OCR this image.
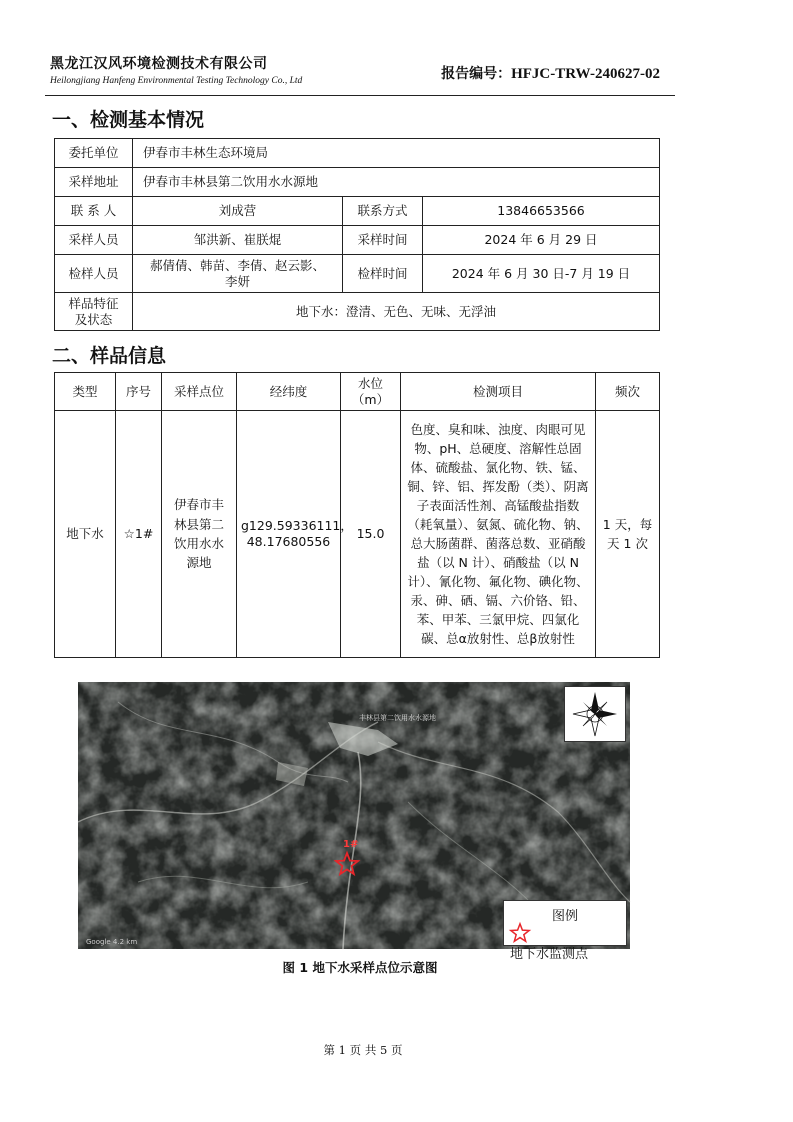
黑龙江汉风环境检测技术有限公司
Heilongjiang Hanfeng Environmental Testing Technology Co., Ltd	报告编号：HFJC-TRW-240627-02
一、检测基本情况
委托单位	伊春市丰林生态环境局		
采样地址	伊春市丰林县第二饮用水水源地		
联 系 人	刘成营	联系方式	13846653566
采样人员	邹洪新、崔朕焜	采样时间	2024 年 6 月 29 日
检样人员	郝倩倩、韩苗、李倩、赵云影、李妍	检样时间	2024 年 6 月 30 日-7 月 19 日
样品特征及状态	地下水：澄清、无色、无味、无浮油		
二、样品信息
类型	序号	采样点位	经纬度	水位（m）	检测项目	频次
地下水	☆1#	伊春市丰林县第二饮用水水源地	g129.59336111，48.17680556	15.0	色度、臭和味、浊度、肉眼可见物、pH、总硬度、溶解性总固体、硫酸盐、氯化物、铁、锰、铜、锌、铝、挥发酚（类）、阴离子表面活性剂、高锰酸盐指数（耗氧量）、氨氮、硫化物、钠、总大肠菌群、菌落总数、亚硝酸盐（以 N 计）、硝酸盐（以 N 计）、氰化物、氟化物、碘化物、汞、砷、硒、镉、六价铬、铅、苯、甲苯、三氯甲烷、四氯化碳、总α放射性、总β放射性	1 天，每天 1 次
丰林县第二饮用水水源地
1#
图例
地下水监测点
Google 4.2 km
图 1 地下水采样点位示意图
第 1 页 共 5 页
